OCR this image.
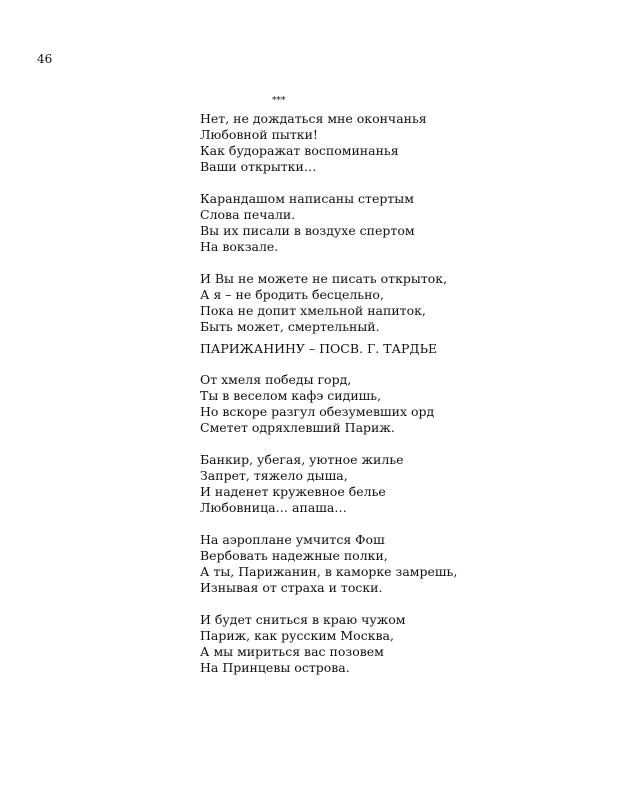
46
***
Нет, не дождаться мне окончанья
Любовной пытки!
Как будоражат воспоминанья
Ваши открытки…
Карандашом написаны стертым
Слова печали.
Вы их писали в воздухе спертом
На вокзале.
И Вы не можете не писать открыток,
А я – не бродить бесцельно,
Пока не допит хмельной напиток,
Быть может, смертельный.
ПАРИЖАНИНУ – ПОСВ. Г. ТАРДЬЕ
От хмеля победы горд,
Ты в веселом кафэ сидишь,
Но вскоре разгул обезумевших орд
Сметет одряхлевший Париж.
Банкир, убегая, уютное жилье
Запрет, тяжело дыша,
И наденет кружевное белье
Любовница… апаша…
На аэроплане умчится Фош
Вербовать надежные полки,
А ты, Парижанин, в каморке замрешь,
Изнывая от страха и тоски.
И будет сниться в краю чужом
Париж, как русским Москва,
А мы мириться вас позовем
На Принцевы острова.
